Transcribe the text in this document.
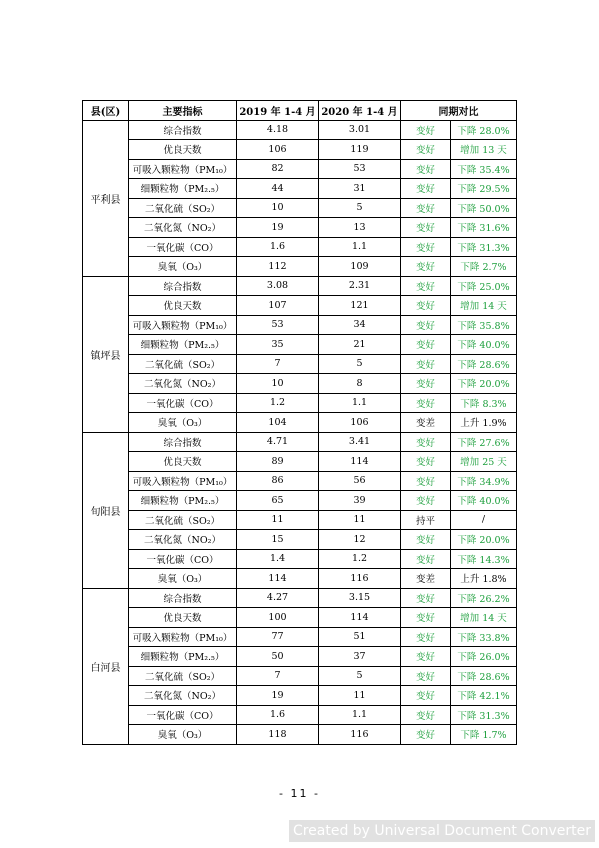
县(区)	主要指标	2019 年 1-4 月	2020 年 1-4 月	同期对比	
平利县	综合指数	4.18	3.01	变好	下降 28.0%
	优良天数	106	119	变好	增加 13 天
	可吸入颗粒物（PM₁₀）	82	53	变好	下降 35.4%
	细颗粒物（PM₂.₅）	44	31	变好	下降 29.5%
	二氧化硫（SO₂）	10	5	变好	下降 50.0%
	二氧化氮（NO₂）	19	13	变好	下降 31.6%
	一氧化碳（CO）	1.6	1.1	变好	下降 31.3%
	臭氧（O₃）	112	109	变好	下降 2.7%
镇坪县	综合指数	3.08	2.31	变好	下降 25.0%
	优良天数	107	121	变好	增加 14 天
	可吸入颗粒物（PM₁₀）	53	34	变好	下降 35.8%
	细颗粒物（PM₂.₅）	35	21	变好	下降 40.0%
	二氧化硫（SO₂）	7	5	变好	下降 28.6%
	二氧化氮（NO₂）	10	8	变好	下降 20.0%
	一氧化碳（CO）	1.2	1.1	变好	下降 8.3%
	臭氧（O₃）	104	106	变差	上升 1.9%
旬阳县	综合指数	4.71	3.41	变好	下降 27.6%
	优良天数	89	114	变好	增加 25 天
	可吸入颗粒物（PM₁₀）	86	56	变好	下降 34.9%
	细颗粒物（PM₂.₅）	65	39	变好	下降 40.0%
	二氧化硫（SO₂）	11	11	持平	/
	二氧化氮（NO₂）	15	12	变好	下降 20.0%
	一氧化碳（CO）	1.4	1.2	变好	下降 14.3%
	臭氧（O₃）	114	116	变差	上升 1.8%
白河县	综合指数	4.27	3.15	变好	下降 26.2%
	优良天数	100	114	变好	增加 14 天
	可吸入颗粒物（PM₁₀）	77	51	变好	下降 33.8%
	细颗粒物（PM₂.₅）	50	37	变好	下降 26.0%
	二氧化硫（SO₂）	7	5	变好	下降 28.6%
	二氧化氮（NO₂）	19	11	变好	下降 42.1%
	一氧化碳（CO）	1.6	1.1	变好	下降 31.3%
	臭氧（O₃）	118	116	变好	下降 1.7%
- 11 -
Created by Universal Document Converter
